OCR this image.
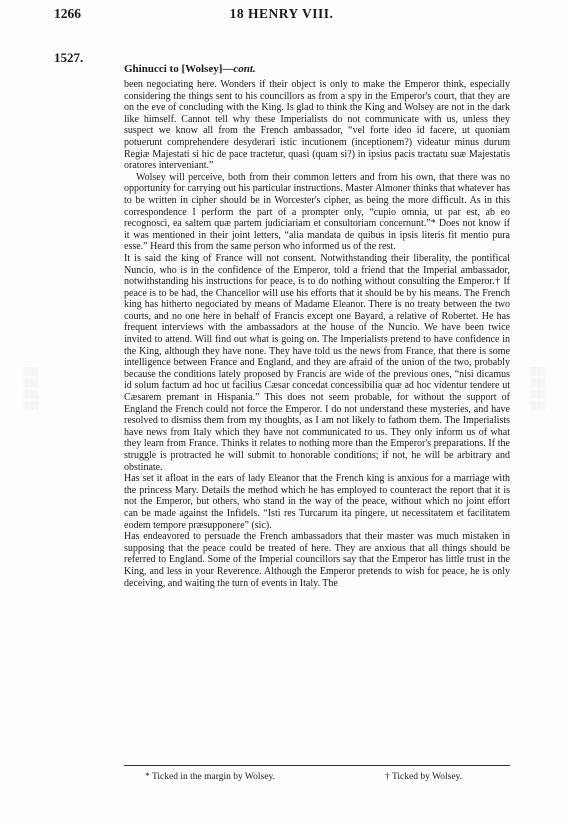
▒▒▒▒	▒▒▒▒
1266	18 HENRY VIII.
1527.
Ghinucci to [Wolsey]—cont.

been negociating here. Wonders if their object is only to make the Emperor think, especially considering the things sent to his councillors as from a spy in the Emperor's court, that they are on the eve of concluding with the King. Is glad to think the King and Wolsey are not in the dark like himself. Cannot tell why these Imperialists do not communicate with us, unless they suspect we know all from the French ambassador, “vel forte ideo id facere, ut quoniam potuerunt comprehendere desyderari istic incutionem (inceptionem?) videatur minus durum Regiæ Majestati si hic de pace tractetur, quasi (quam si?) in ipsius pacis tractatu suæ Majestatis oratores interveniant.”

Wolsey will perceive, both from their common letters and from his own, that there was no opportunity for carrying out his particular instructions. Master Almoner thinks that whatever has to be written in cipher should be in Worcester's cipher, as being the more difficult. As in this correspondence I perform the part of a prompter only, “cupio omnia, ut par est, ab eo recognosci, ea saltem quæ partem judiciariam et consultoriam concernunt.”* Does not know if it was mentioned in their joint letters, “alia mandata de quibus in ipsis literis fit mentio pura esse.” Heard this from the same person who informed us of the rest.

It is said the king of France will not consent. Notwithstanding their liberality, the pontifical Nuncio, who is in the confidence of the Emperor, told a friend that the Imperial ambassador, notwithstanding his instructions for peace, is to do nothing without consulting the Emperor.† If peace is to be had, the Chancellor will use his efforts that it should be by his means. The French king has hitherto negociated by means of Madame Eleanor. There is no treaty between the two courts, and no one here in behalf of Francis except one Bayard, a relative of Robertet. He has frequent interviews with the ambassadors at the house of the Nuncio. We have been twice invited to attend. Will find out what is going on. The Imperialists pretend to have confidence in the King, although they have none. They have told us the news from France, that there is some intelligence between France and England, and they are afraid of the union of the two, probably because the conditions lately proposed by Francis are wide of the previous ones, “nisi dicamus id solum factum ad hoc ut facilius Cæsar concedat concessibilia quæ ad hoc videntur tendere ut Cæsarem premant in Hispania.” This does not seem probable, for without the support of England the French could not force the Emperor. I do not understand these mysteries, and have resolved to dismiss them from my thoughts, as I am not likely to fathom them. The Imperialists have news from Italy which they have not communicated to us. They only inform us of what they learn from France. Thinks it relates to nothing more than the Emperor's preparations. If the struggle is protracted he will submit to honorable conditions; if not, he will be arbitrary and obstinate.

Has set it afloat in the ears of lady Eleanor that the French king is anxious for a marriage with the princess Mary. Details the method which he has employed to counteract the report that it is not the Emperor, but others, who stand in the way of the peace, without which no joint effort can be made against the Infidels. “Isti res Turcarum ita pingere, ut necessitatem et facilitatem eodem tempore præsupponere” (sic).

Has endeavored to persuade the French ambassadors that their master was much mistaken in supposing that the peace could be treated of here. They are anxious that all things should be referred to England. Some of the Imperial councillors say that the Emperor has little trust in the King, and less in your Reverence. Although the Emperor pretends to wish for peace, he is only deceiving, and waiting the turn of events in Italy. The

* Ticked in the margin by Wolsey.	† Ticked by Wolsey.
